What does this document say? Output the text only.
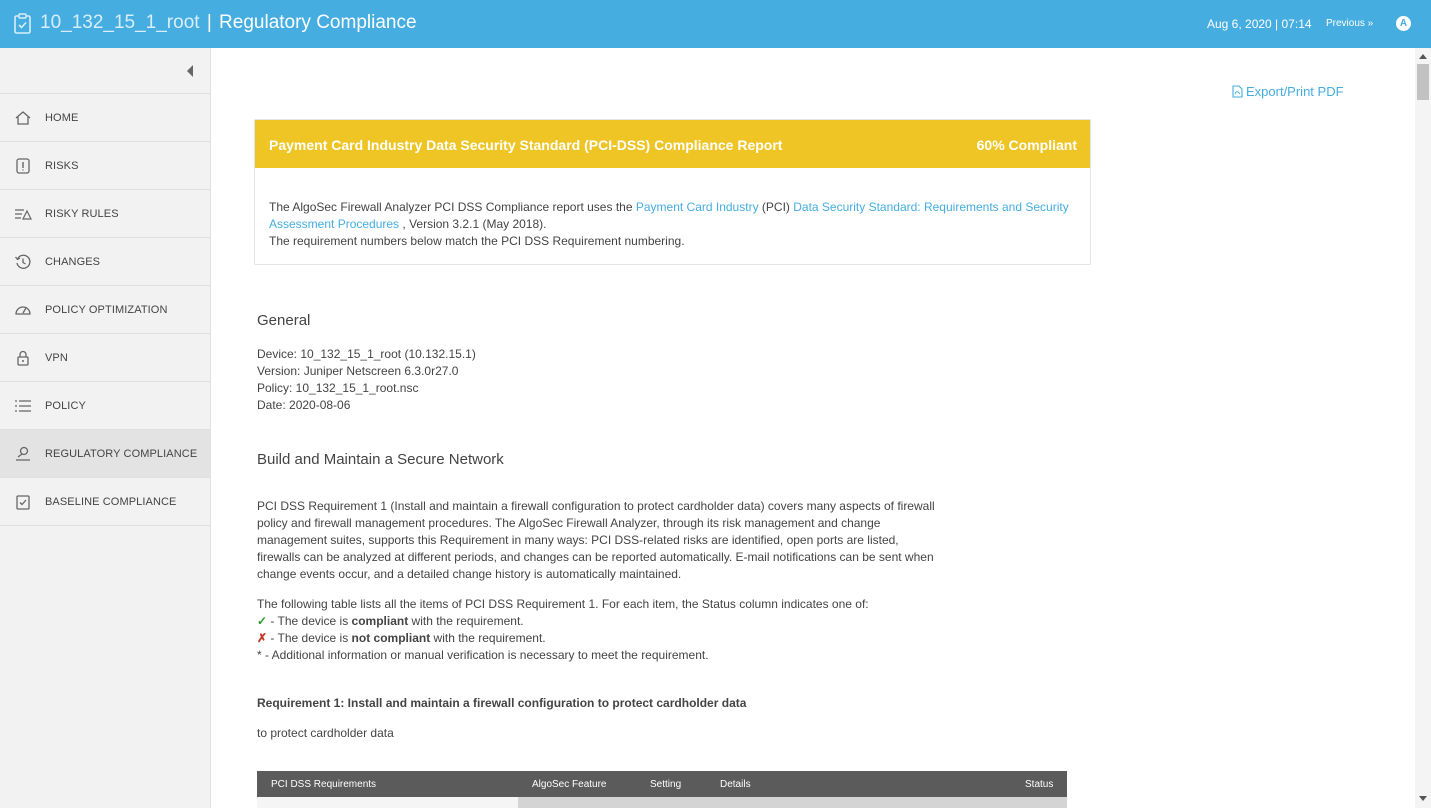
10_132_15_1_root | Regulatory Compliance	Aug 6, 2020 | 07:14 Previous »	A
HOME
RISKS
RISKY RULES
CHANGES
POLICY OPTIMIZATION
VPN
POLICY
REGULATORY COMPLIANCE
BASELINE COMPLIANCE
Export/Print PDF
Payment Card Industry Data Security Standard (PCI-DSS) Compliance Report	60% Compliant
The AlgoSec Firewall Analyzer PCI DSS Compliance report uses the Payment Card Industry (PCI) Data Security Standard: Requirements and Security Assessment Procedures , Version 3.2.1 (May 2018).
The requirement numbers below match the PCI DSS Requirement numbering.
General
Device: 10_132_15_1_root (10.132.15.1)
Version: Juniper Netscreen 6.3.0r27.0
Policy: 10_132_15_1_root.nsc
Date: 2020-08-06
Build and Maintain a Secure Network
PCI DSS Requirement 1 (Install and maintain a firewall configuration to protect cardholder data) covers many aspects of firewall policy and firewall management procedures. The AlgoSec Firewall Analyzer, through its risk management and change management suites, supports this Requirement in many ways: PCI DSS-related risks are identified, open ports are listed, firewalls can be analyzed at different periods, and changes can be reported automatically. E-mail notifications can be sent when change events occur, and a detailed change history is automatically maintained.
The following table lists all the items of PCI DSS Requirement 1. For each item, the Status column indicates one of:
✓ - The device is compliant with the requirement.
✗ - The device is not compliant with the requirement.
* - Additional information or manual verification is necessary to meet the requirement.
Requirement 1: Install and maintain a firewall configuration to protect cardholder data
to protect cardholder data
PCI DSS Requirements	AlgoSec Feature	Setting	Details	Status
